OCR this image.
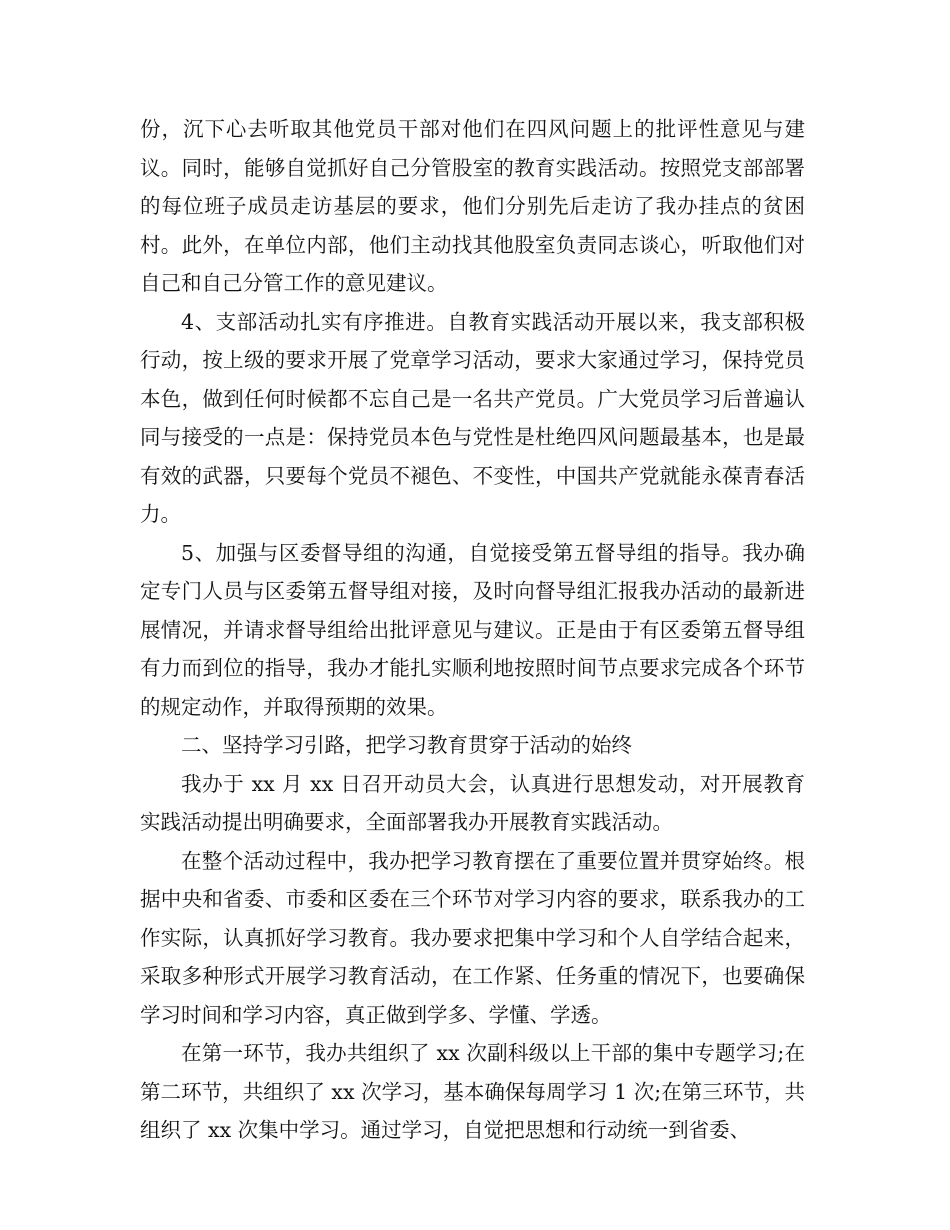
份，沉下心去听取其他党员干部对他们在四风问题上的批评性意见与建议。同时，能够自觉抓好自己分管股室的教育实践活动。按照党支部部署的每位班子成员走访基层的要求，他们分别先后走访了我办挂点的贫困村。此外，在单位内部，他们主动找其他股室负责同志谈心，听取他们对自己和自己分管工作的意见建议。

4、支部活动扎实有序推进。自教育实践活动开展以来，我支部积极行动，按上级的要求开展了党章学习活动，要求大家通过学习，保持党员本色，做到任何时候都不忘自己是一名共产党员。广大党员学习后普遍认同与接受的一点是：保持党员本色与党性是杜绝四风问题最基本，也是最有效的武器，只要每个党员不褪色、不变性，中国共产党就能永葆青春活力。

5、加强与区委督导组的沟通，自觉接受第五督导组的指导。我办确定专门人员与区委第五督导组对接，及时向督导组汇报我办活动的最新进展情况，并请求督导组给出批评意见与建议。正是由于有区委第五督导组有力而到位的指导，我办才能扎实顺利地按照时间节点要求完成各个环节的规定动作，并取得预期的效果。

二、坚持学习引路，把学习教育贯穿于活动的始终

我办于 xx 月 xx 日召开动员大会，认真进行思想发动，对开展教育实践活动提出明确要求，全面部署我办开展教育实践活动。

在整个活动过程中，我办把学习教育摆在了重要位置并贯穿始终。根据中央和省委、市委和区委在三个环节对学习内容的要求，联系我办的工作实际，认真抓好学习教育。我办要求把集中学习和个人自学结合起来，采取多种形式开展学习教育活动，在工作紧、任务重的情况下，也要确保学习时间和学习内容，真正做到学多、学懂、学透。

在第一环节，我办共组织了 xx 次副科级以上干部的集中专题学习;在第二环节，共组织了 xx 次学习，基本确保每周学习 1 次;在第三环节，共组织了 xx 次集中学习。通过学习，自觉把思想和行动统一到省委、
